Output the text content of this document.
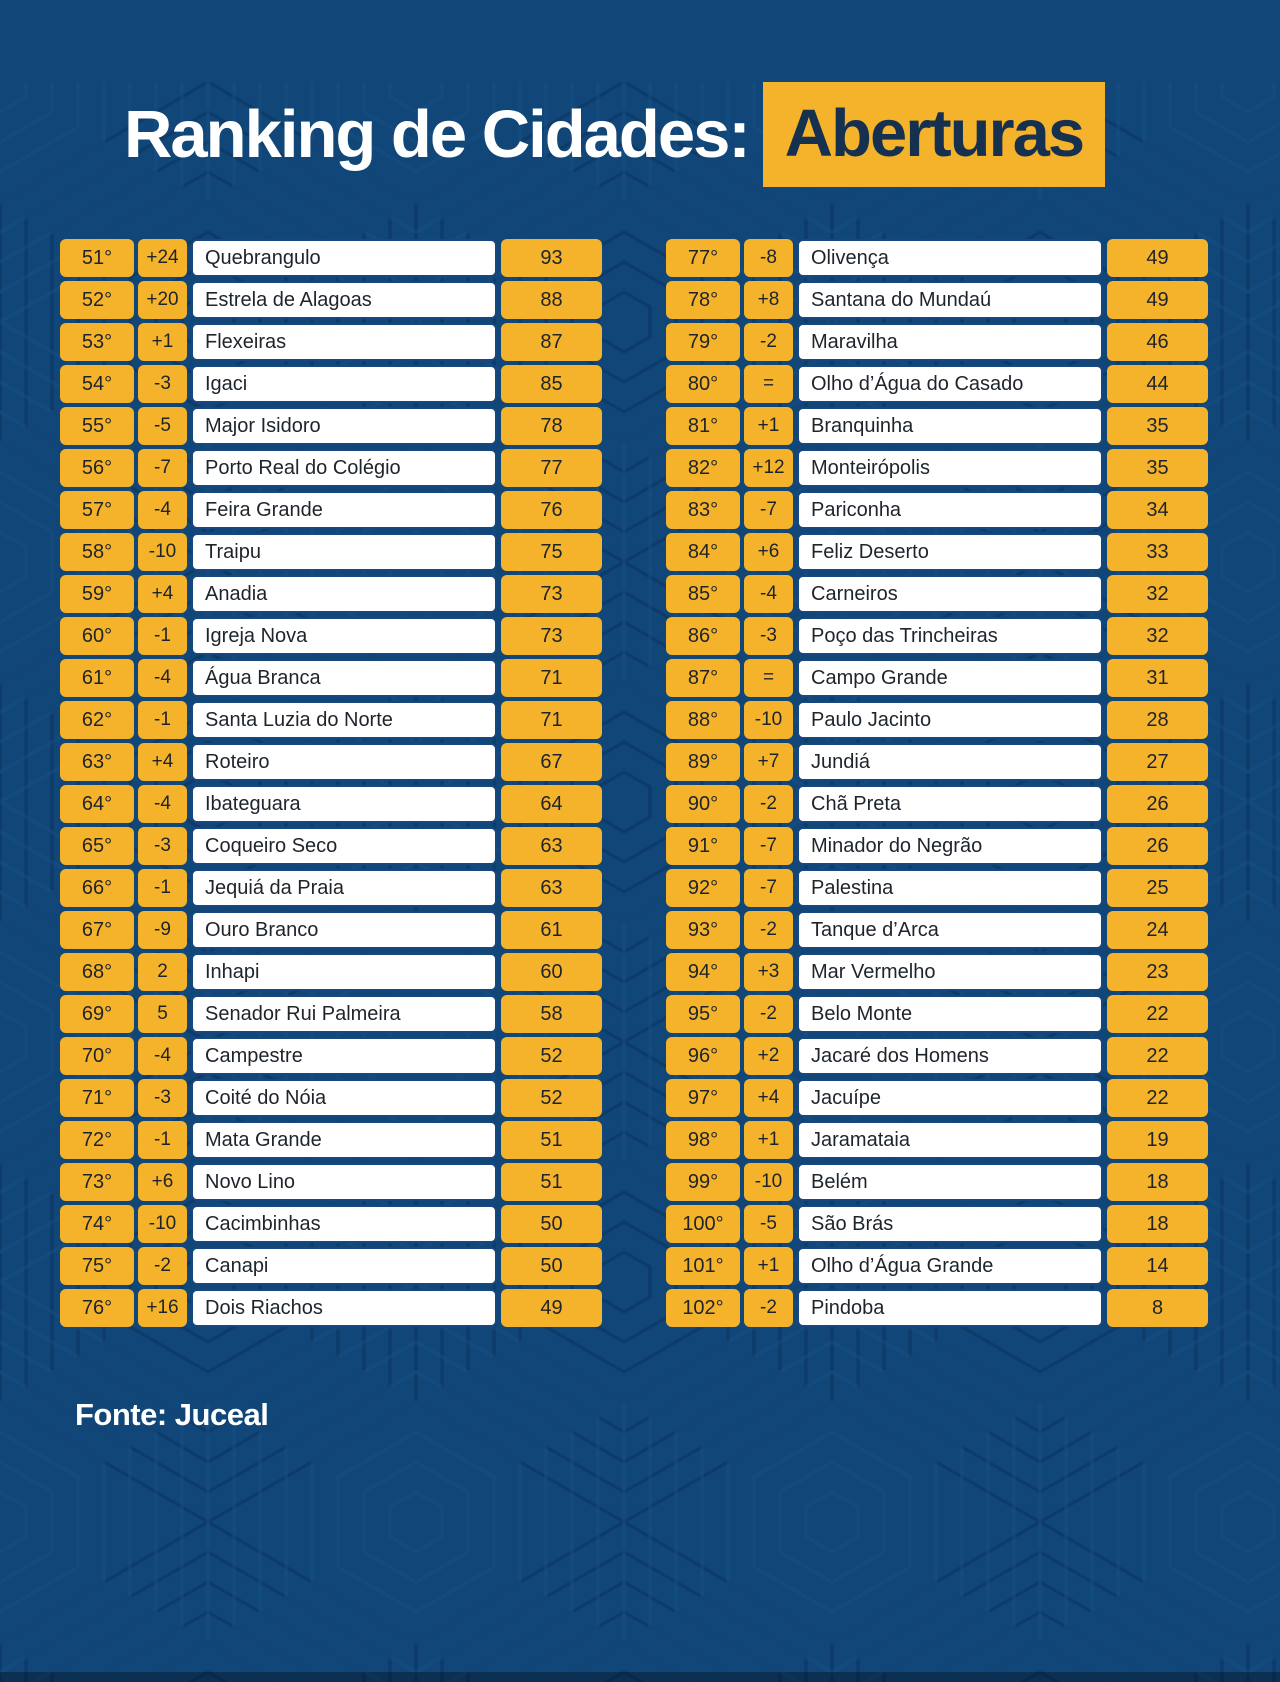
Ranking de Cidades: Aberturas
51°	+24	Quebrangulo	93
52°	+20	Estrela de Alagoas	88
53°	+1	Flexeiras	87
54°	-3	Igaci	85
55°	-5	Major Isidoro	78
56°	-7	Porto Real do Colégio	77
57°	-4	Feira Grande	76
58°	-10	Traipu	75
59°	+4	Anadia	73
60°	-1	Igreja Nova	73
61°	-4	Água Branca	71
62°	-1	Santa Luzia do Norte	71
63°	+4	Roteiro	67
64°	-4	Ibateguara	64
65°	-3	Coqueiro Seco	63
66°	-1	Jequiá da Praia	63
67°	-9	Ouro Branco	61
68°	2	Inhapi	60
69°	5	Senador Rui Palmeira	58
70°	-4	Campestre	52
71°	-3	Coité do Nóia	52
72°	-1	Mata Grande	51
73°	+6	Novo Lino	51
74°	-10	Cacimbinhas	50
75°	-2	Canapi	50
76°	+16	Dois Riachos	49
77°	-8	Olivença	49
78°	+8	Santana do Mundaú	49
79°	-2	Maravilha	46
80°	=	Olho d’Água do Casado	44
81°	+1	Branquinha	35
82°	+12	Monteirópolis	35
83°	-7	Pariconha	34
84°	+6	Feliz Deserto	33
85°	-4	Carneiros	32
86°	-3	Poço das Trincheiras	32
87°	=	Campo Grande	31
88°	-10	Paulo Jacinto	28
89°	+7	Jundiá	27
90°	-2	Chã Preta	26
91°	-7	Minador do Negrão	26
92°	-7	Palestina	25
93°	-2	Tanque d’Arca	24
94°	+3	Mar Vermelho	23
95°	-2	Belo Monte	22
96°	+2	Jacaré dos Homens	22
97°	+4	Jacuípe	22
98°	+1	Jaramataia	19
99°	-10	Belém	18
100°	-5	São Brás	18
101°	+1	Olho d’Água Grande	14
102°	-2	Pindoba	8
Fonte: Juceal
